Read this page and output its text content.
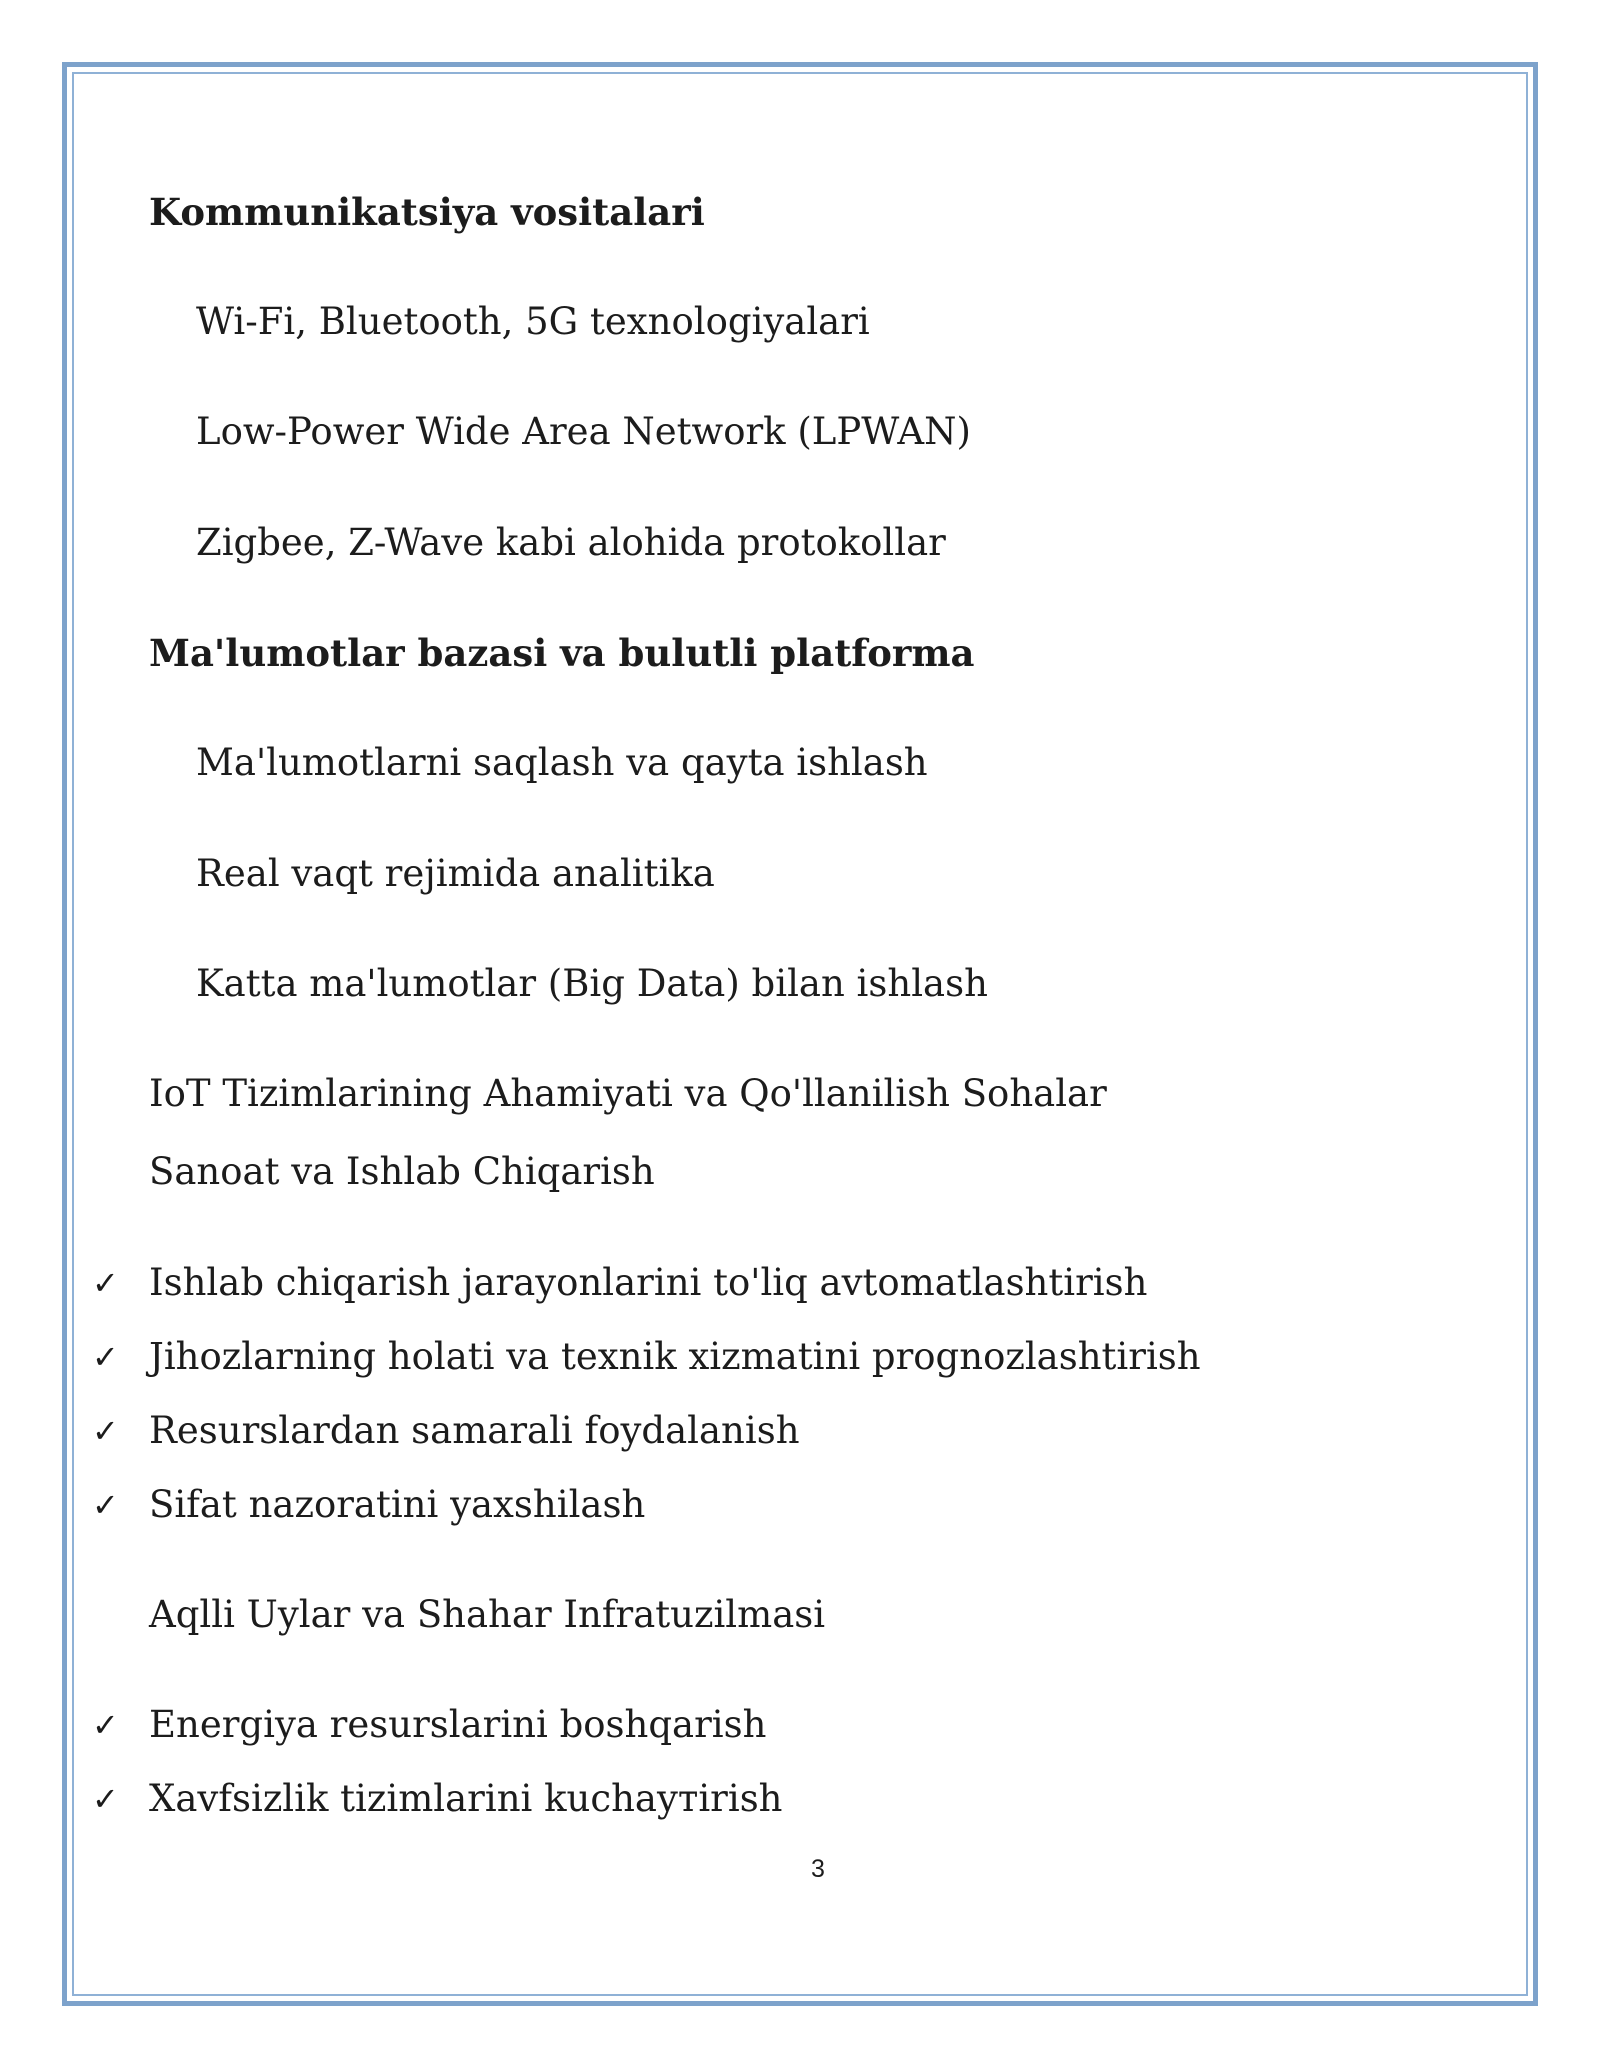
Kommunikatsiya vositalari
Wi-Fi, Bluetooth, 5G texnologiyalari
Low-Power Wide Area Network (LPWAN)
Zigbee, Z-Wave kabi alohida protokollar
Ma'lumotlar bazasi va bulutli platforma
Ma'lumotlarni saqlash va qayta ishlash
Real vaqt rejimida analitika
Katta ma'lumotlar (Big Data) bilan ishlash
IoT Tizimlarining Ahamiyati va Qo'llanilish Sohalar
Sanoat va Ishlab Chiqarish
✓ Ishlab chiqarish jarayonlarini to'liq avtomatlashtirish
✓ Jihozlarning holati va texnik xizmatini prognozlashtirish
✓ Resurslardan samarali foydalanish
✓ Sifat nazoratini yaxshilash
Aqlli Uylar va Shahar Infratuzilmasi
✓ Energiya resurslarini boshqarish
✓ Xavfsizlik tizimlarini kuchayтirish
3
